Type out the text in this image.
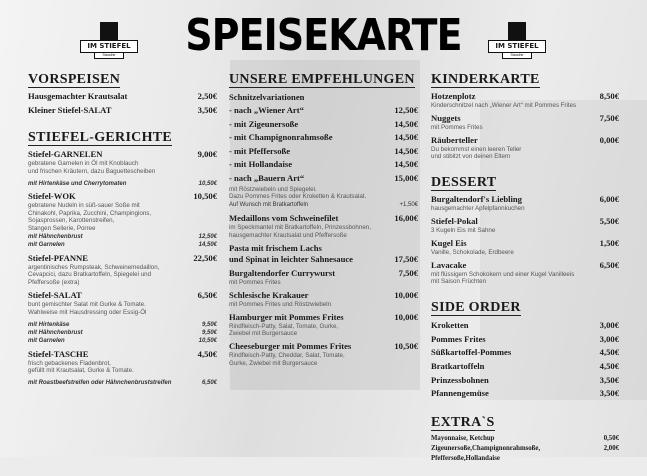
IM STIEFEL
Staudhe
IM STIEFEL
Staudhe
SPEISEKARTE
VORSPEISEN
Hausgemachter Krautsalat	2,50€
Kleiner Stiefel-SALAT	3,50€
STIEFEL-GERICHTE
Stiefel-GARNELEN	9,00€
gebratene Garnelen in Öl mit Knoblauch
und frischen Kräutern, dazu Baguettescheiben
mit Hirtenkäse und Cherrytomaten	10,50€
Stiefel-WOK	10,50€
gebratene Nudeln in süß-sauer Soße mit
Chinakohl, Paprika, Zucchini, Champingions,
Sojasprossen, Karottenstreifen,
Stangen Sellerie, Porree
mit Hähnchenbrust	12,50€
mit Garnelen	14,50€
Stiefel-PFANNE	22,50€
argentinisches Rumpsteak, Schweinemedaillon,
Cevapcici, dazu Bratkartoffeln, Spiegelei und
Pfeffersoße (extra)
Stiefel-SALAT	6,50€
bunt gemischter Salat mit Gurke & Tomate.
Wahlweise mit Hausdressing oder Essig-Öl
mit Hirtenkäse	9,50€
mit Hähnchenbrust	9,50€
mit Garnelen	10,50€
Stiefel-TASCHE	4,50€
frisch gebackenes Fladenbrot,
gefüllt mit Krautsalat, Gurke & Tomate.
mit Roastbeefstreifen oder Hähnchenbruststreifen	6,50€
UNSERE EMPFEHLUNGEN
Schnitzelvariationen
- nach „Wiener Art“	12,50€
- mit Zigeunersoße	14,50€
- mit Champignonrahmsoße	14,50€
- mit Pfeffersoße	14,50€
- mit Hollandaise	14,50€
- nach „Bauern Art“	15,00€
mit Röstzwiebeln und Spiegelei.
Dazu Pommes Frites oder Kroketten & Krautsalat.
Auf Wunsch mit Bratkartoffeln	+1,50€
Medaillons vom Schweinefilet	16,00€
im Speckmantel mit Bratkartoffeln, Prinzessbohnen,
hausgemachter Krautsalat und Pfeffersoße
Pasta mit frischem Lachs
und Spinat in leichter Sahnesauce	17,50€
Burgaltendorfer Currywurst	7,50€
mit Pommes Frites
Schlesische Krakauer	10,00€
mit Pommes Frites und Röstzwiebeln
Hamburger mit Pommes Frites	10,00€
Rindfleisch-Patty, Salat, Tomate, Gurke,
Zwiebel mit Burgersauce
Cheeseburger mit Pommes Frites	10,50€
Rindfleisch-Patty, Cheddar, Salat, Tomate,
Gurke, Zwiebel mit Burgersauce
KINDERKARTE
Hotzenplotz	8,50€
Kinderschnitzel nach „Wiener Art“ mit Pommes Frites
Nuggets	7,50€
mit Pommes Frites
Räuberteller	0,00€
Du bekommst einen leeren Teller
und stibitzt von deinen Eltern
DESSERT
Burgaltendorf's Liebling	6,00€
hausgemachter Apfelpfannkuchen
Stiefel-Pokal	5,50€
3 Kugeln Eis mit Sahne
Kugel Eis	1,50€
Vanille, Schokolade, Erdbeere
Lavacake	6,50€
mit flüssigem Schokokern und einer Kugel Vanilleeis
mit Saison Früchten
SIDE ORDER
Kroketten	3,00€
Pommes Frites	3,00€
Süßkartoffel-Pommes	4,50€
Bratkartoffeln	4,50€
Prinzessbohnen	3,50€
Pfannengemüse	3,50€
EXTRA`S
Mayonnaise, Ketchup	0,50€
Zigeunersoße,Champignonrahmsoße,	2,00€
Pfeffersoße,Hollandaise
